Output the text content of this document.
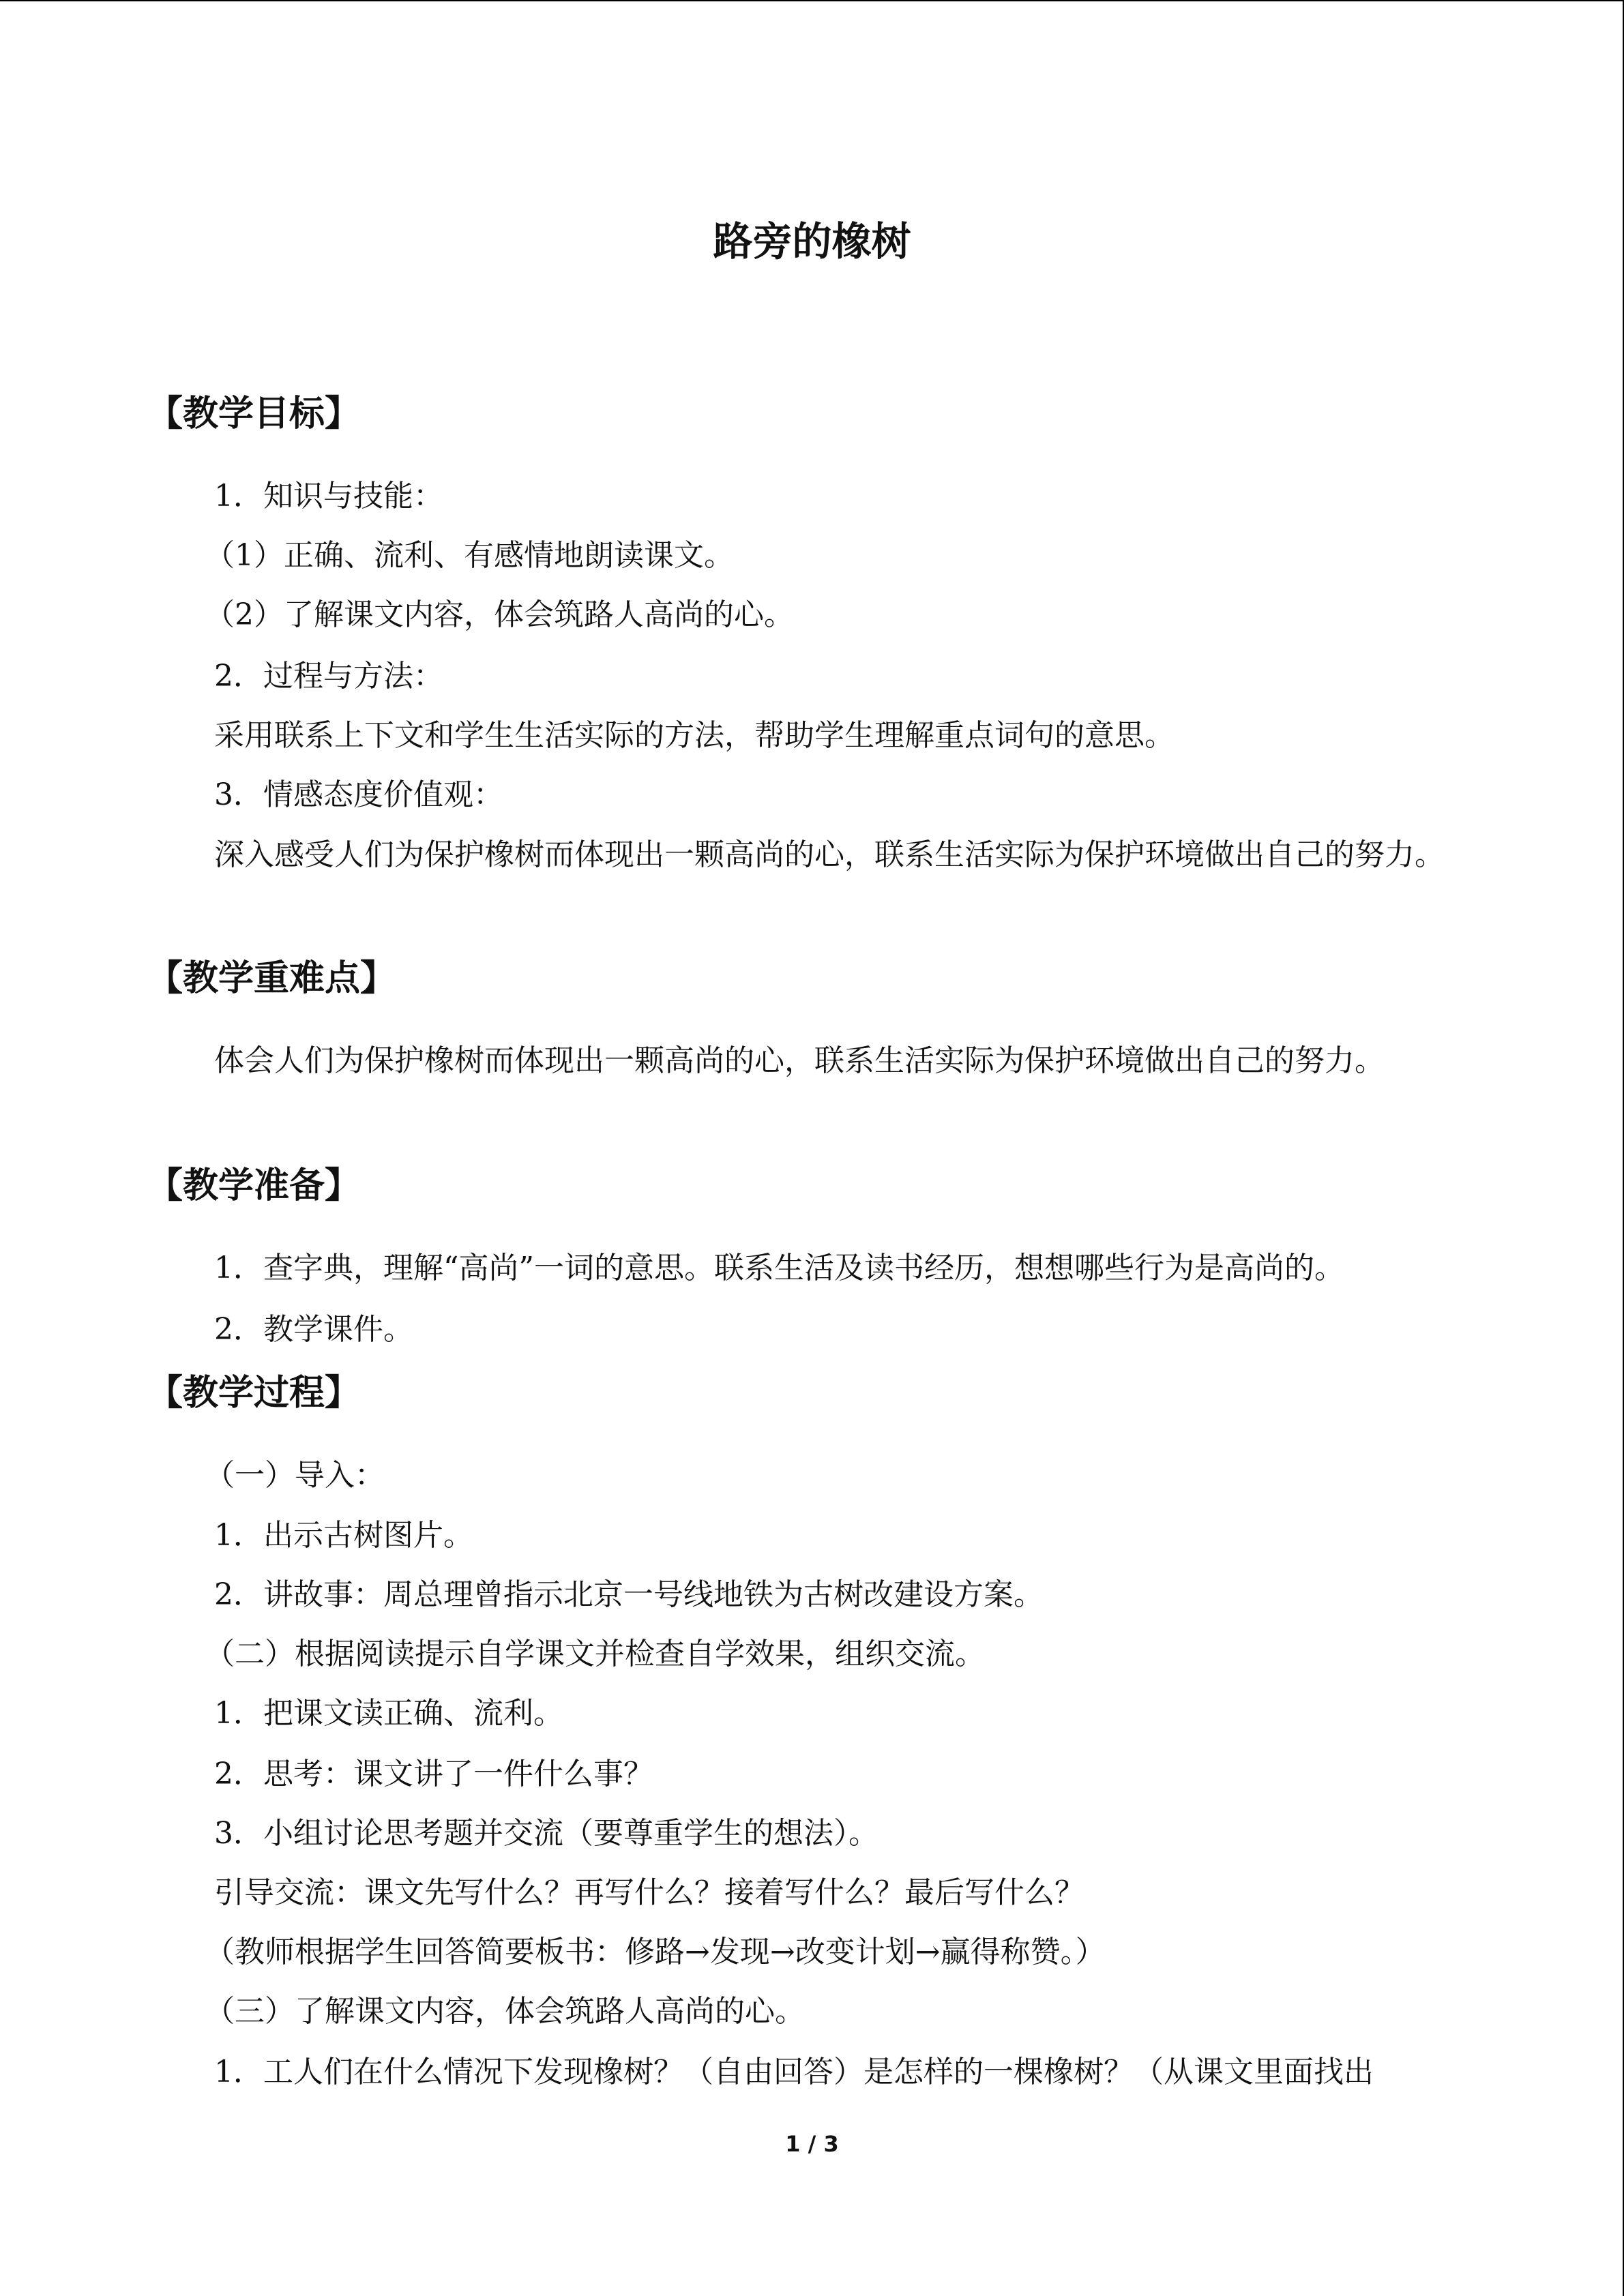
路旁的橡树
【教学目标】

1．知识与技能：

（1）正确、流利、有感情地朗读课文。

（2）了解课文内容，体会筑路人高尚的心。

2．过程与方法：

采用联系上下文和学生生活实际的方法，帮助学生理解重点词句的意思。

3．情感态度价值观：

深入感受人们为保护橡树而体现出一颗高尚的心，联系生活实际为保护环境做出自己的努力。

【教学重难点】

体会人们为保护橡树而体现出一颗高尚的心，联系生活实际为保护环境做出自己的努力。

【教学准备】

1．查字典，理解“高尚”一词的意思。联系生活及读书经历，想想哪些行为是高尚的。

2．教学课件。

【教学过程】

（一）导入：

1．出示古树图片。

2．讲故事：周总理曾指示北京一号线地铁为古树改建设方案。

（二）根据阅读提示自学课文并检查自学效果，组织交流。

1．把课文读正确、流利。

2．思考：课文讲了一件什么事？

3．小组讨论思考题并交流（要尊重学生的想法）。

引导交流：课文先写什么？再写什么？接着写什么？最后写什么？

（教师根据学生回答简要板书：修路→发现→改变计划→赢得称赞。）

（三）了解课文内容，体会筑路人高尚的心。

1．工人们在什么情况下发现橡树？（自由回答）是怎样的一棵橡树？（从课文里面找出

1 / 3
